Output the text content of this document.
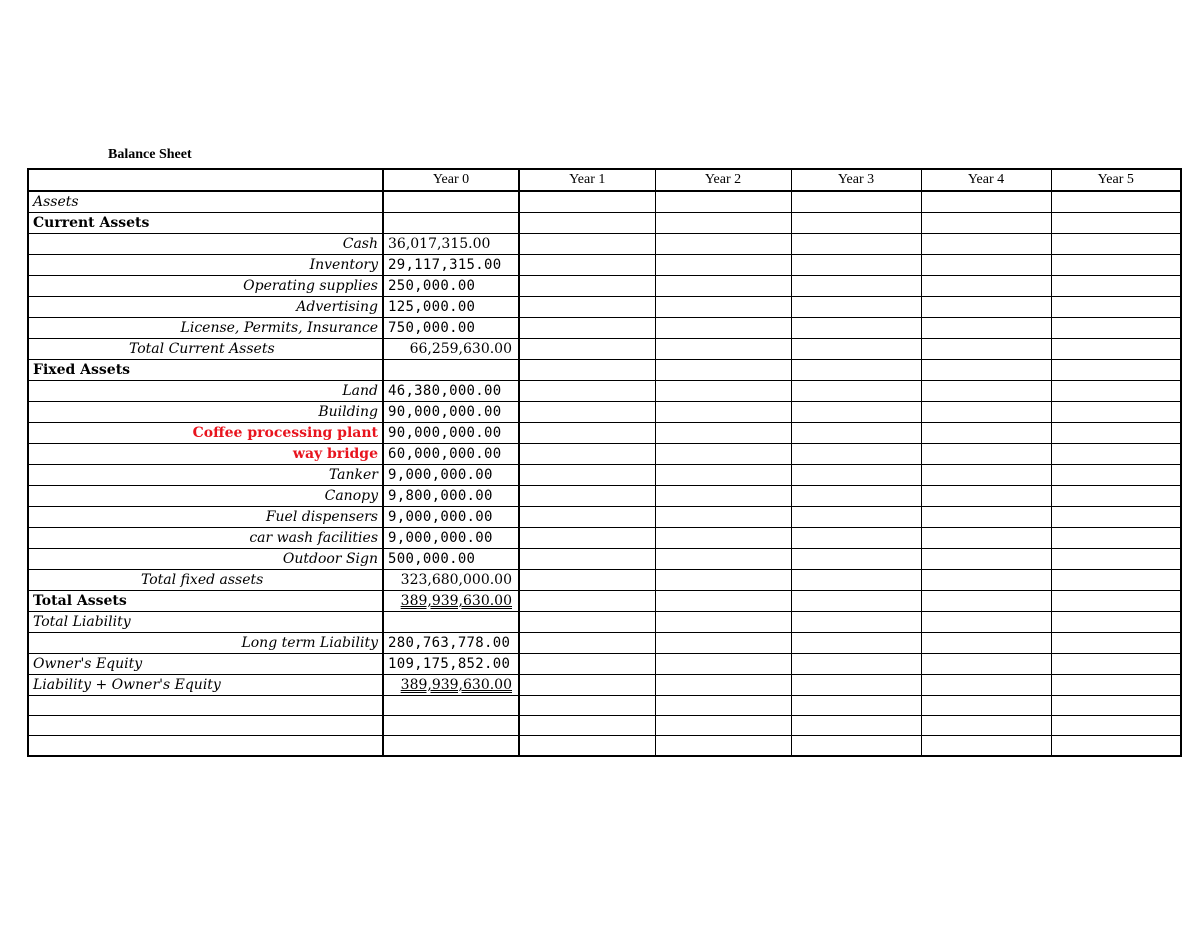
Balance Sheet
	Year 0	Year 1	Year 2	Year 3	Year 4	Year 5
Assets						
Current Assets						
Cash	36,017,315.00					
Inventory	29,117,315.00					
Operating supplies	250,000.00					
Advertising	125,000.00					
License, Permits, Insurance	750,000.00					
Total Current Assets	66,259,630.00					
Fixed Assets						
Land	46,380,000.00					
Building	90,000,000.00					
Coffee processing plant	90,000,000.00					
way bridge	60,000,000.00					
Tanker	9,000,000.00					
Canopy	9,800,000.00					
Fuel dispensers	9,000,000.00					
car wash facilities	9,000,000.00					
Outdoor Sign	500,000.00					
Total fixed assets	323,680,000.00					
Total Assets	389,939,630.00					
Total Liability						
Long term Liability	280,763,778.00					
Owner's Equity	109,175,852.00					
Liability + Owner's Equity	389,939,630.00					
